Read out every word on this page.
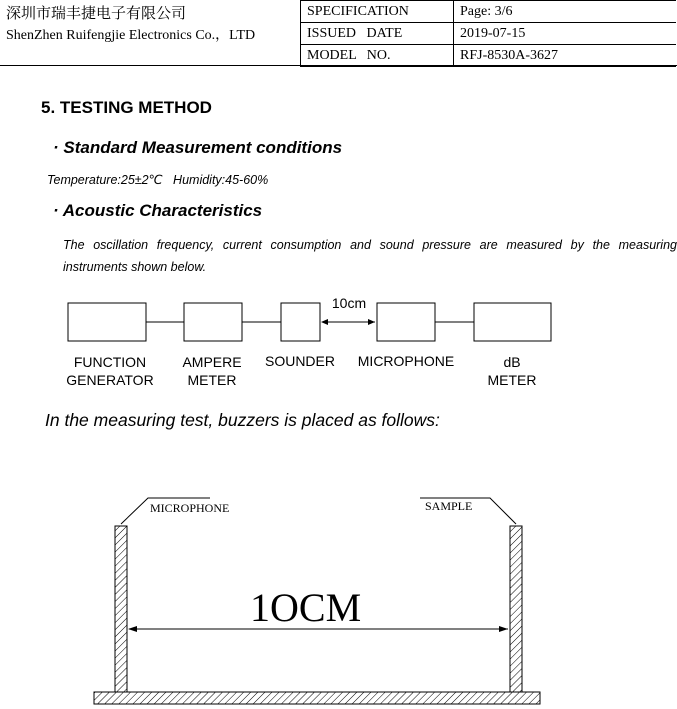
深圳市瑞丰捷电子有限公司
ShenZhen Ruifengjie Electronics Co.，LTD
SPECIFICATION	Page: 3/6
ISSUED   DATE	2019-07-15
MODEL   NO.	RFJ-8530A-3627
5. TESTING METHOD
· Standard Measurement conditions
Temperature:25±2℃   Humidity:45-60%
· Acoustic Characteristics
The oscillation frequency, current consumption and sound pressure are measured by the measuring instruments shown below.
10cm
FUNCTION
GENERATOR
AMPERE
METER
SOUNDER	MICROPHONE	dB
METER
In the measuring test, buzzers is placed as follows:
MICROPHONE	SAMPLE
1OCM
